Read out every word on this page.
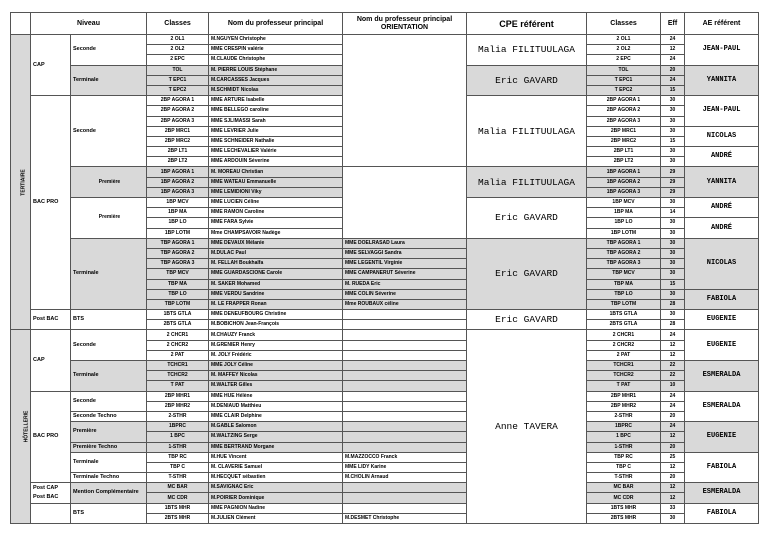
	Niveau		Classes	Nom du professeur principal	Nom du professeur principal ORIENTATION	CPE référent	Classes	Eff	AE référent
TERTIAIRE	CAP	Seconde	2 OL1	M.NGUYEN Christophe		Malia FILITUULAGA	2 OL1	24	JEAN-PAUL
			2 OL2	MME CRESPIN valérie			2 OL2	12	
			2 EPC	M.CLAUDE Christophe			2 EPC	24	
		Terminale	TOL	M. PIERRE LOUIS Stéphane		Eric GAVARD	TOL	20	YANNITA
			T EPC1	M.CARCASSES Jacques			T EPC1	24	
			T EPC2	M.SCHMIDT Nicolas			T EPC2	15	
	BAC PRO	Seconde	2BP AGORA 1	MME ARTURE Isabelle		Malia FILITUULAGA	2BP AGORA 1	30	JEAN-PAUL
			2BP AGORA 2	MME BELLEGO caroline			2BP AGORA 2	30	
			2BP AGORA 3	MME SJLIMASSI Sarah			2BP AGORA 3	30	
			2BP MRC1	MME LEVRIER Julie			2BP MRC1	30	NICOLAS
			2BP MRC2	MME SCHNEIDER Nathalie			2BP MRC2	15	
			2BP LT1	MME LECHEVALIER Valérie			2BP LT1	30	ANDRÉ
			2BP LT2	MME ARDOUIN Séverine			2BP LT2	30	
		Première	1BP AGORA 1	M. MOREAU Christian		Malia FILITUULAGA	1BP AGORA 1	29	YANNITA
			1BP AGORA 2	MME WATEAU Emmanuelle			1BP AGORA 2	29	
			1BP AGORA 3	MME LEMIDIONI Viky			1BP AGORA 3	29	
		Première	1BP MCV	MME LUCIEN Céline		Eric GAVARD	1BP MCV	30	ANDRÉ
			1BP MA	MME RAMON Caroline			1BP MA	14	
			1BP LO	MME FARA Sylvie			1BP LO	30	ANDRÉ
			1BP LOTM	Mme CHAMPSAVOIR Nadège			1BP LOTM	30	
		Terminale	TBP AGORA 1	MME DEVAUX Mélanie	MME DOELRASAD Laura	Eric GAVARD	TBP AGORA 1	30	NICOLAS
			TBP AGORA 2	M.DULAC Paul	MME SELVAGGI Sandra		TBP AGORA 2	30	
			TBP AGORA 3	M. FELLAH Boukhalfa	MME LEGENTIL Virginie		TBP AGORA 3	30	
			TBP MCV	MME GUARDASCIONE Carole	MME CAMPANERUT Séverine		TBP MCV	30	
			TBP MA	M. SAKER Mohamed	M. RUEDA Eric		TBP MA	15	
			TBP LO	MME VERDU Sandrine	MME COLIN Séverine		TBP LO	30	FABIOLA
			TBP LOTM	M. LE FRAPPER Ronan	Mme ROUBAUX céline		TBP LOTM	28	
	Post BAC	BTS	1BTS GTLA	MME DENEUFBOURG Christine		Eric GAVARD	1BTS GTLA	30	EUGENIE
			2BTS GTLA	M.BOBICHON Jean-François			2BTS GTLA	28	
HÔTELLERIE	CAP	Seconde	2 CHCR1	M.CHAUZY Franck		Anne TAVERA	2 CHCR1	24	EUGENIE
			2 CHCR2	M.GRENIER Henry			2 CHCR2	12	
			2 PAT	M. JOLY Frédéric			2 PAT	12	
		Terminale	TCHCR1	MME JOLY Céline			TCHCR1	22	ESMERALDA
			TCHCR2	M. MAFFEY Nicolas			TCHCR2	22	
			T PAT	M.WALTER Gilles			T PAT	10	
	BAC PRO	Seconde	2BP MHR1	MME HUE Hélène			2BP MHR1	24	ESMERALDA
			2BP MHR2	M.DENIAUD Matthieu			2BP MHR2	24	
		Seconde Techno	2-STHR	MME CLAIR Delphine			2-STHR	20	
		Première	1BPRC	M.GABLE Salomon			1BPRC	24	EUGENIE
			1 BPC	M.WALTZING Serge			1 BPC	12	
		Première Techno	1-STHR	MME BERTRAND Morgane			1-STHR	20	
		Terminale	TBP RC	M.HUE Vincent	M.MAZZOCCO Franck		TBP RC	25	FABIOLA
			TBP C	M. CLAVERIE Samuel	MME LIDY Karine		TBP C	12	
		Terminale Techno	T-STHR	M.HECQUET sébastien	M.CHOLIN Arnaud		T-STHR	20	
	Post CAP Post BAC	Mention Complémentaire	MC BAR	M.SAVIGNAC Eric			MC BAR	12	ESMERALDA
			MC CDR	M.POIRIER Dominique			MC CDR	12	
		BTS	1BTS MHR	MME PAGNION Nadine			1BTS MHR	33	FABIOLA
			2BTS MHR	M.JULIEN Clément	M.DESMET Christophe		2BTS MHR	30	
